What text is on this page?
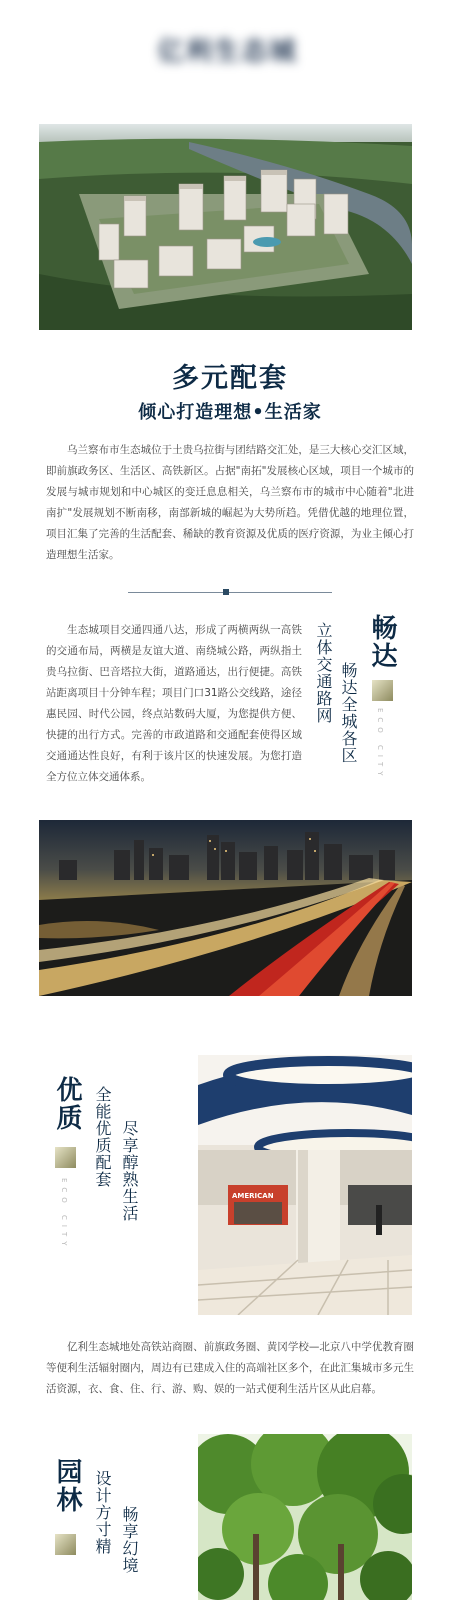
亿利生态城
多元配套
倾心打造理想•生活家
乌兰察布市生态城位于土贵乌拉街与团结路交汇处，是三大核心交汇区域，即前旗政务区、生活区、高铁新区。占据"南拓"发展核心区域，项目一个城市的发展与城市规划和中心城区的变迁息息相关，乌兰察布市的城市中心随着"北进南扩"发展规划不断南移，南部新城的崛起为大势所趋。凭借优越的地理位置，项目汇集了完善的生活配套、稀缺的教育资源及优质的医疗资源，为业主倾心打造理想生活家。
生态城项目交通四通八达，形成了两横两纵一高铁的交通布局，两横是友谊大道、南绕城公路，两纵指土贵乌拉街、巴音塔拉大街，道路通达，出行便捷。高铁站距离项目十分钟车程；项目门口31路公交线路，途径惠民园、时代公园，终点站数码大厦，为您提供方便、快捷的出行方式。完善的市政道路和交通配套使得区域交通通达性良好，有利于该片区的快速发展。为您打造全方位立体交通体系。
立体交通路网 畅达全城各区
畅达
ECO CITY
优质
ECO CITY
全能优质配套 尽享醇熟生活	AMERICAN
亿利生态城地处高铁站商圈、前旗政务圈、黄冈学校—北京八中学优教育圈等便利生活辐射圈内，周边有已建成入住的高端社区多个，在此汇集城市多元生活资源，衣、食、住、行、游、购、娱的一站式便利生活片区从此启幕。
园林 设计方寸精 畅享幻境
